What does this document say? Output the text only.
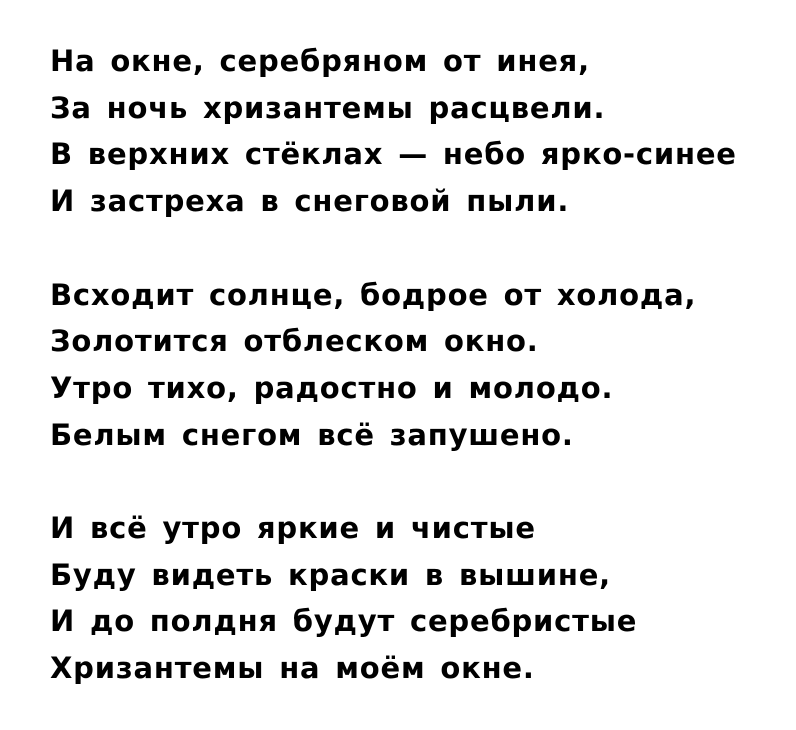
На окне, серебряном от инея,
За ночь хризантемы расцвели.
В верхних стёклах — небо ярко-синее
И застреха в снеговой пыли.
Всходит солнце, бодрое от холода,
Золотится отблеском окно.
Утро тихо, радостно и молодо.
Белым снегом всё запушено.
И всё утро яркие и чистые
Буду видеть краски в вышине,
И до полдня будут серебристые
Хризантемы на моём окне.
